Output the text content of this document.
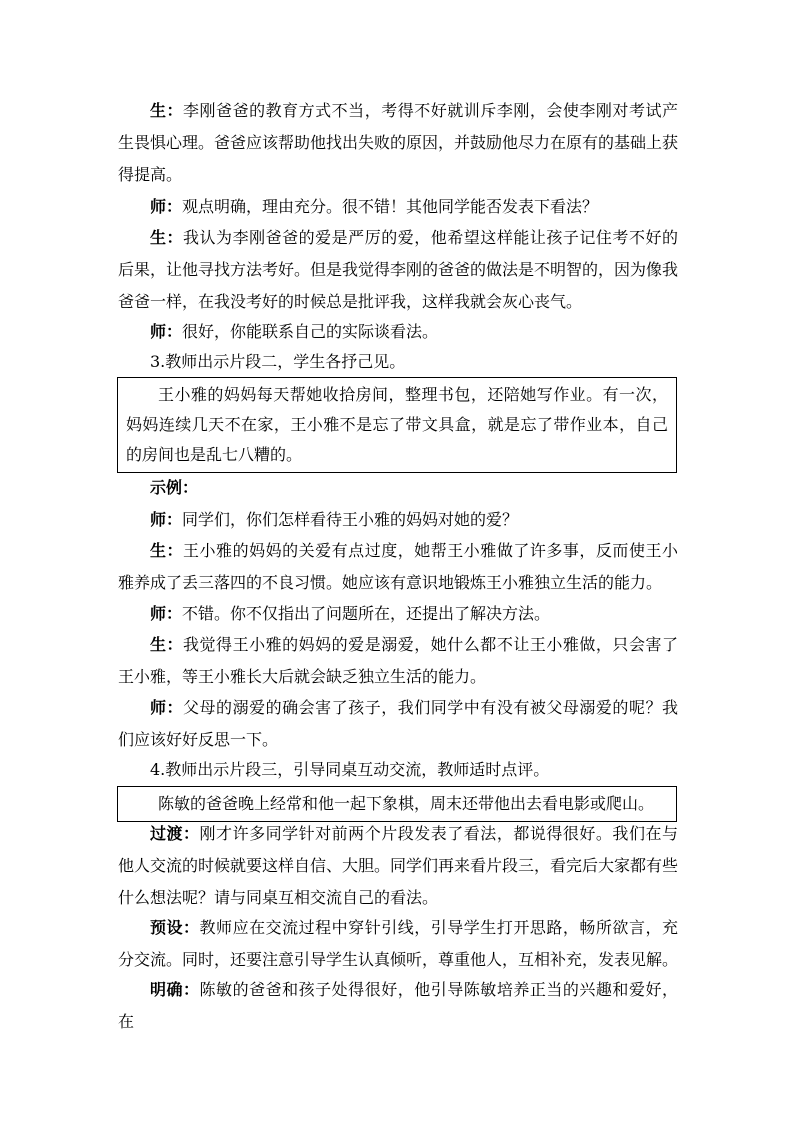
生：李刚爸爸的教育方式不当，考得不好就训斥李刚，会使李刚对考试产生畏惧心理。爸爸应该帮助他找出失败的原因，并鼓励他尽力在原有的基础上获得提高。

师：观点明确，理由充分。很不错！其他同学能否发表下看法？

生：我认为李刚爸爸的爱是严厉的爱，他希望这样能让孩子记住考不好的后果，让他寻找方法考好。但是我觉得李刚的爸爸的做法是不明智的，因为像我爸爸一样，在我没考好的时候总是批评我，这样我就会灰心丧气。

师：很好，你能联系自己的实际谈看法。

3.教师出示片段二，学生各抒己见。

王小雅的妈妈每天帮她收拾房间，整理书包，还陪她写作业。有一次，妈妈连续几天不在家，王小雅不是忘了带文具盒，就是忘了带作业本，自己的房间也是乱七八糟的。

示例：

师：同学们，你们怎样看待王小雅的妈妈对她的爱？

生：王小雅的妈妈的关爱有点过度，她帮王小雅做了许多事，反而使王小雅养成了丢三落四的不良习惯。她应该有意识地锻炼王小雅独立生活的能力。

师：不错。你不仅指出了问题所在，还提出了解决方法。

生：我觉得王小雅的妈妈的爱是溺爱，她什么都不让王小雅做，只会害了王小雅，等王小雅长大后就会缺乏独立生活的能力。

师：父母的溺爱的确会害了孩子，我们同学中有没有被父母溺爱的呢？我们应该好好反思一下。

4.教师出示片段三，引导同桌互动交流，教师适时点评。

陈敏的爸爸晚上经常和他一起下象棋，周末还带他出去看电影或爬山。

过渡：刚才许多同学针对前两个片段发表了看法，都说得很好。我们在与他人交流的时候就要这样自信、大胆。同学们再来看片段三，看完后大家都有些什么想法呢？请与同桌互相交流自己的看法。

预设：教师应在交流过程中穿针引线，引导学生打开思路，畅所欲言，充分交流。同时，还要注意引导学生认真倾听，尊重他人，互相补充，发表见解。

明确：陈敏的爸爸和孩子处得很好，他引导陈敏培养正当的兴趣和爱好，在
